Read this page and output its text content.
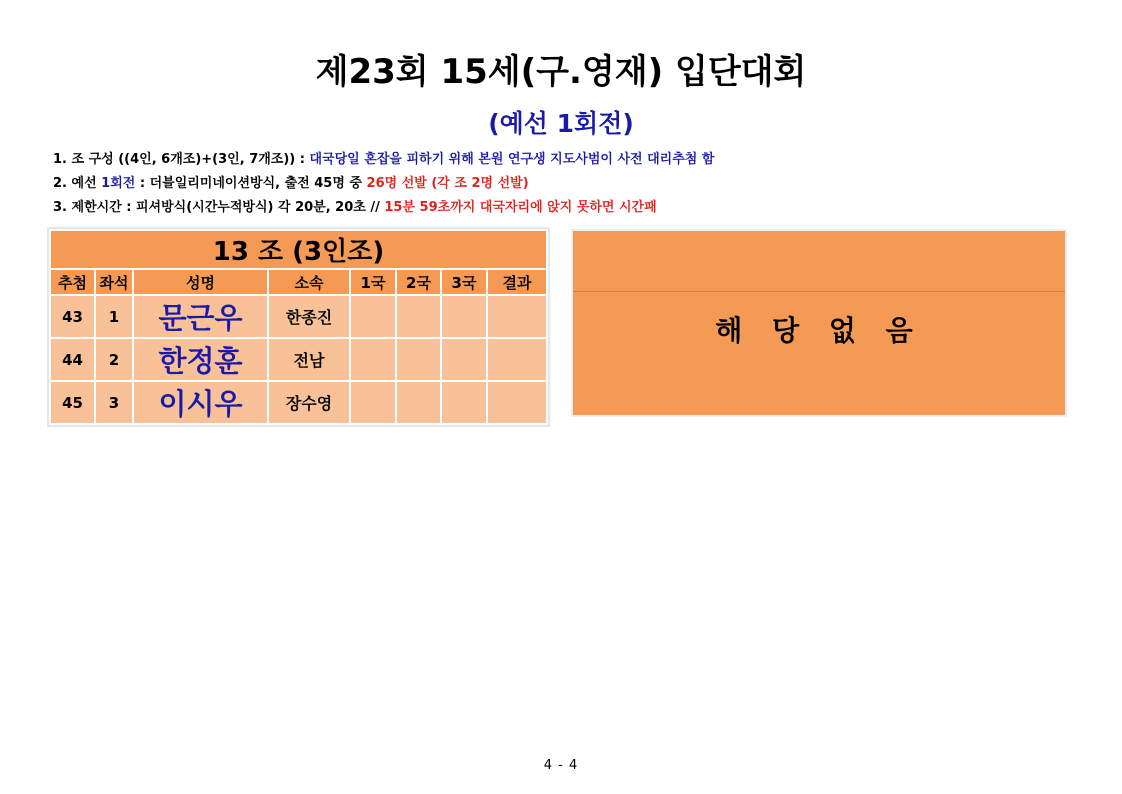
제23회 15세(구.영재) 입단대회
(예선 1회전)
1. 조 구성 ((4인, 6개조)+(3인, 7개조)) : 대국당일 혼잡을 피하기 위해 본원 연구생 지도사범이 사전 대리추첨 함
2. 예선 1회전 : 더블일리미네이션방식, 출전 45명 중 26명 선발 (각 조 2명 선발)
3. 제한시간 : 피셔방식(시간누적방식) 각 20분, 20초 // 15분 59초까지 대국자리에 앉지 못하면 시간패
13 조 (3인조)							
추첨	좌석	성명	소속	1국	2국	3국	결과
43	1	문근우	한종진				
44	2	한정훈	전남				
45	3	이시우	장수영				
해 당 없 음
4 - 4
